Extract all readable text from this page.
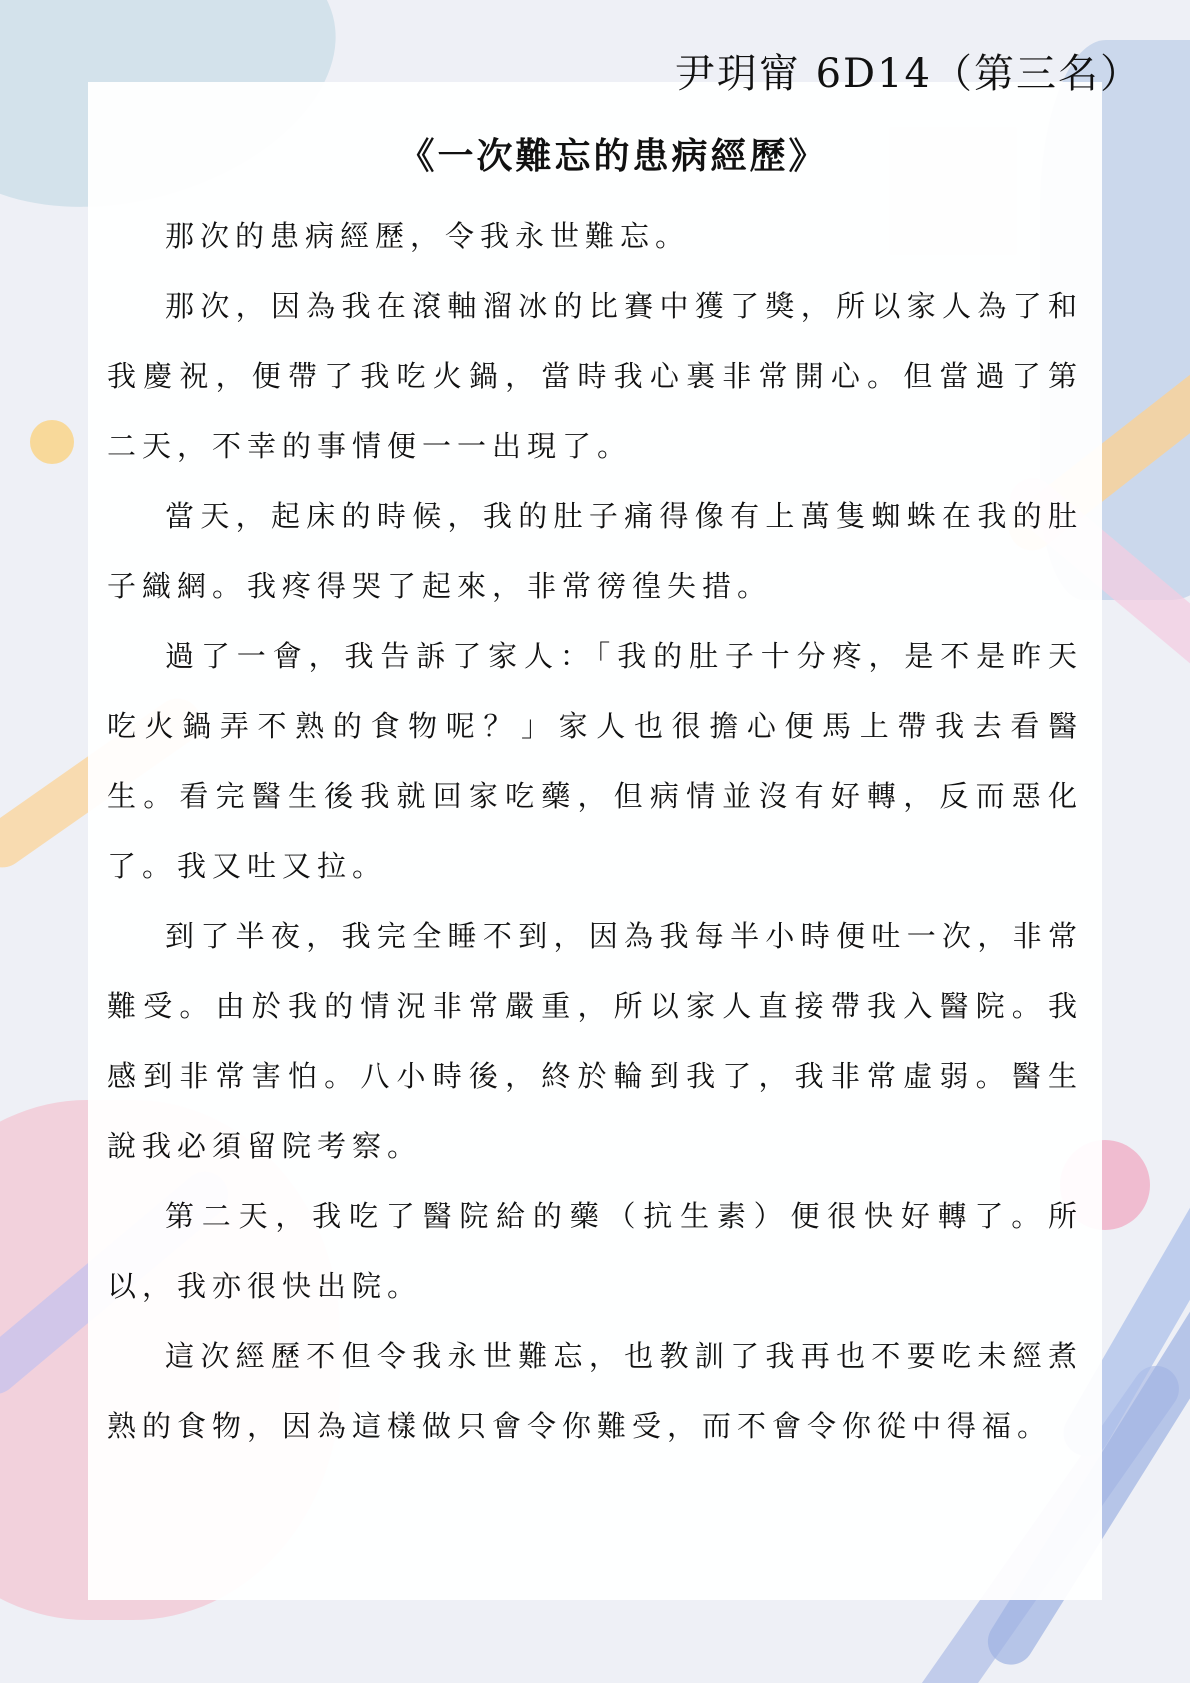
尹玥甯 6D14（第三名）
《一次難忘的患病經歷》

那次的患病經歷，令我永世難忘。

那次，因為我在滾軸溜冰的比賽中獲了獎，所以家人為了和我慶祝，便帶了我吃火鍋，當時我心裏非常開心。但當過了第二天，不幸的事情便一一出現了。

當天，起床的時候，我的肚子痛得像有上萬隻蜘蛛在我的肚子織網。我疼得哭了起來，非常徬徨失措。

過了一會，我告訴了家人：「我的肚子十分疼，是不是昨天吃火鍋弄不熟的食物呢？」家人也很擔心便馬上帶我去看醫生。看完醫生後我就回家吃藥，但病情並沒有好轉，反而惡化了。我又吐又拉。

到了半夜，我完全睡不到，因為我每半小時便吐一次，非常難受。由於我的情況非常嚴重，所以家人直接帶我入醫院。我感到非常害怕。八小時後，終於輪到我了，我非常虛弱。醫生說我必須留院考察。

第二天，我吃了醫院給的藥（抗生素）便很快好轉了。所以，我亦很快出院。

這次經歷不但令我永世難忘，也教訓了我再也不要吃未經煮熟的食物，因為這樣做只會令你難受，而不會令你從中得福。
